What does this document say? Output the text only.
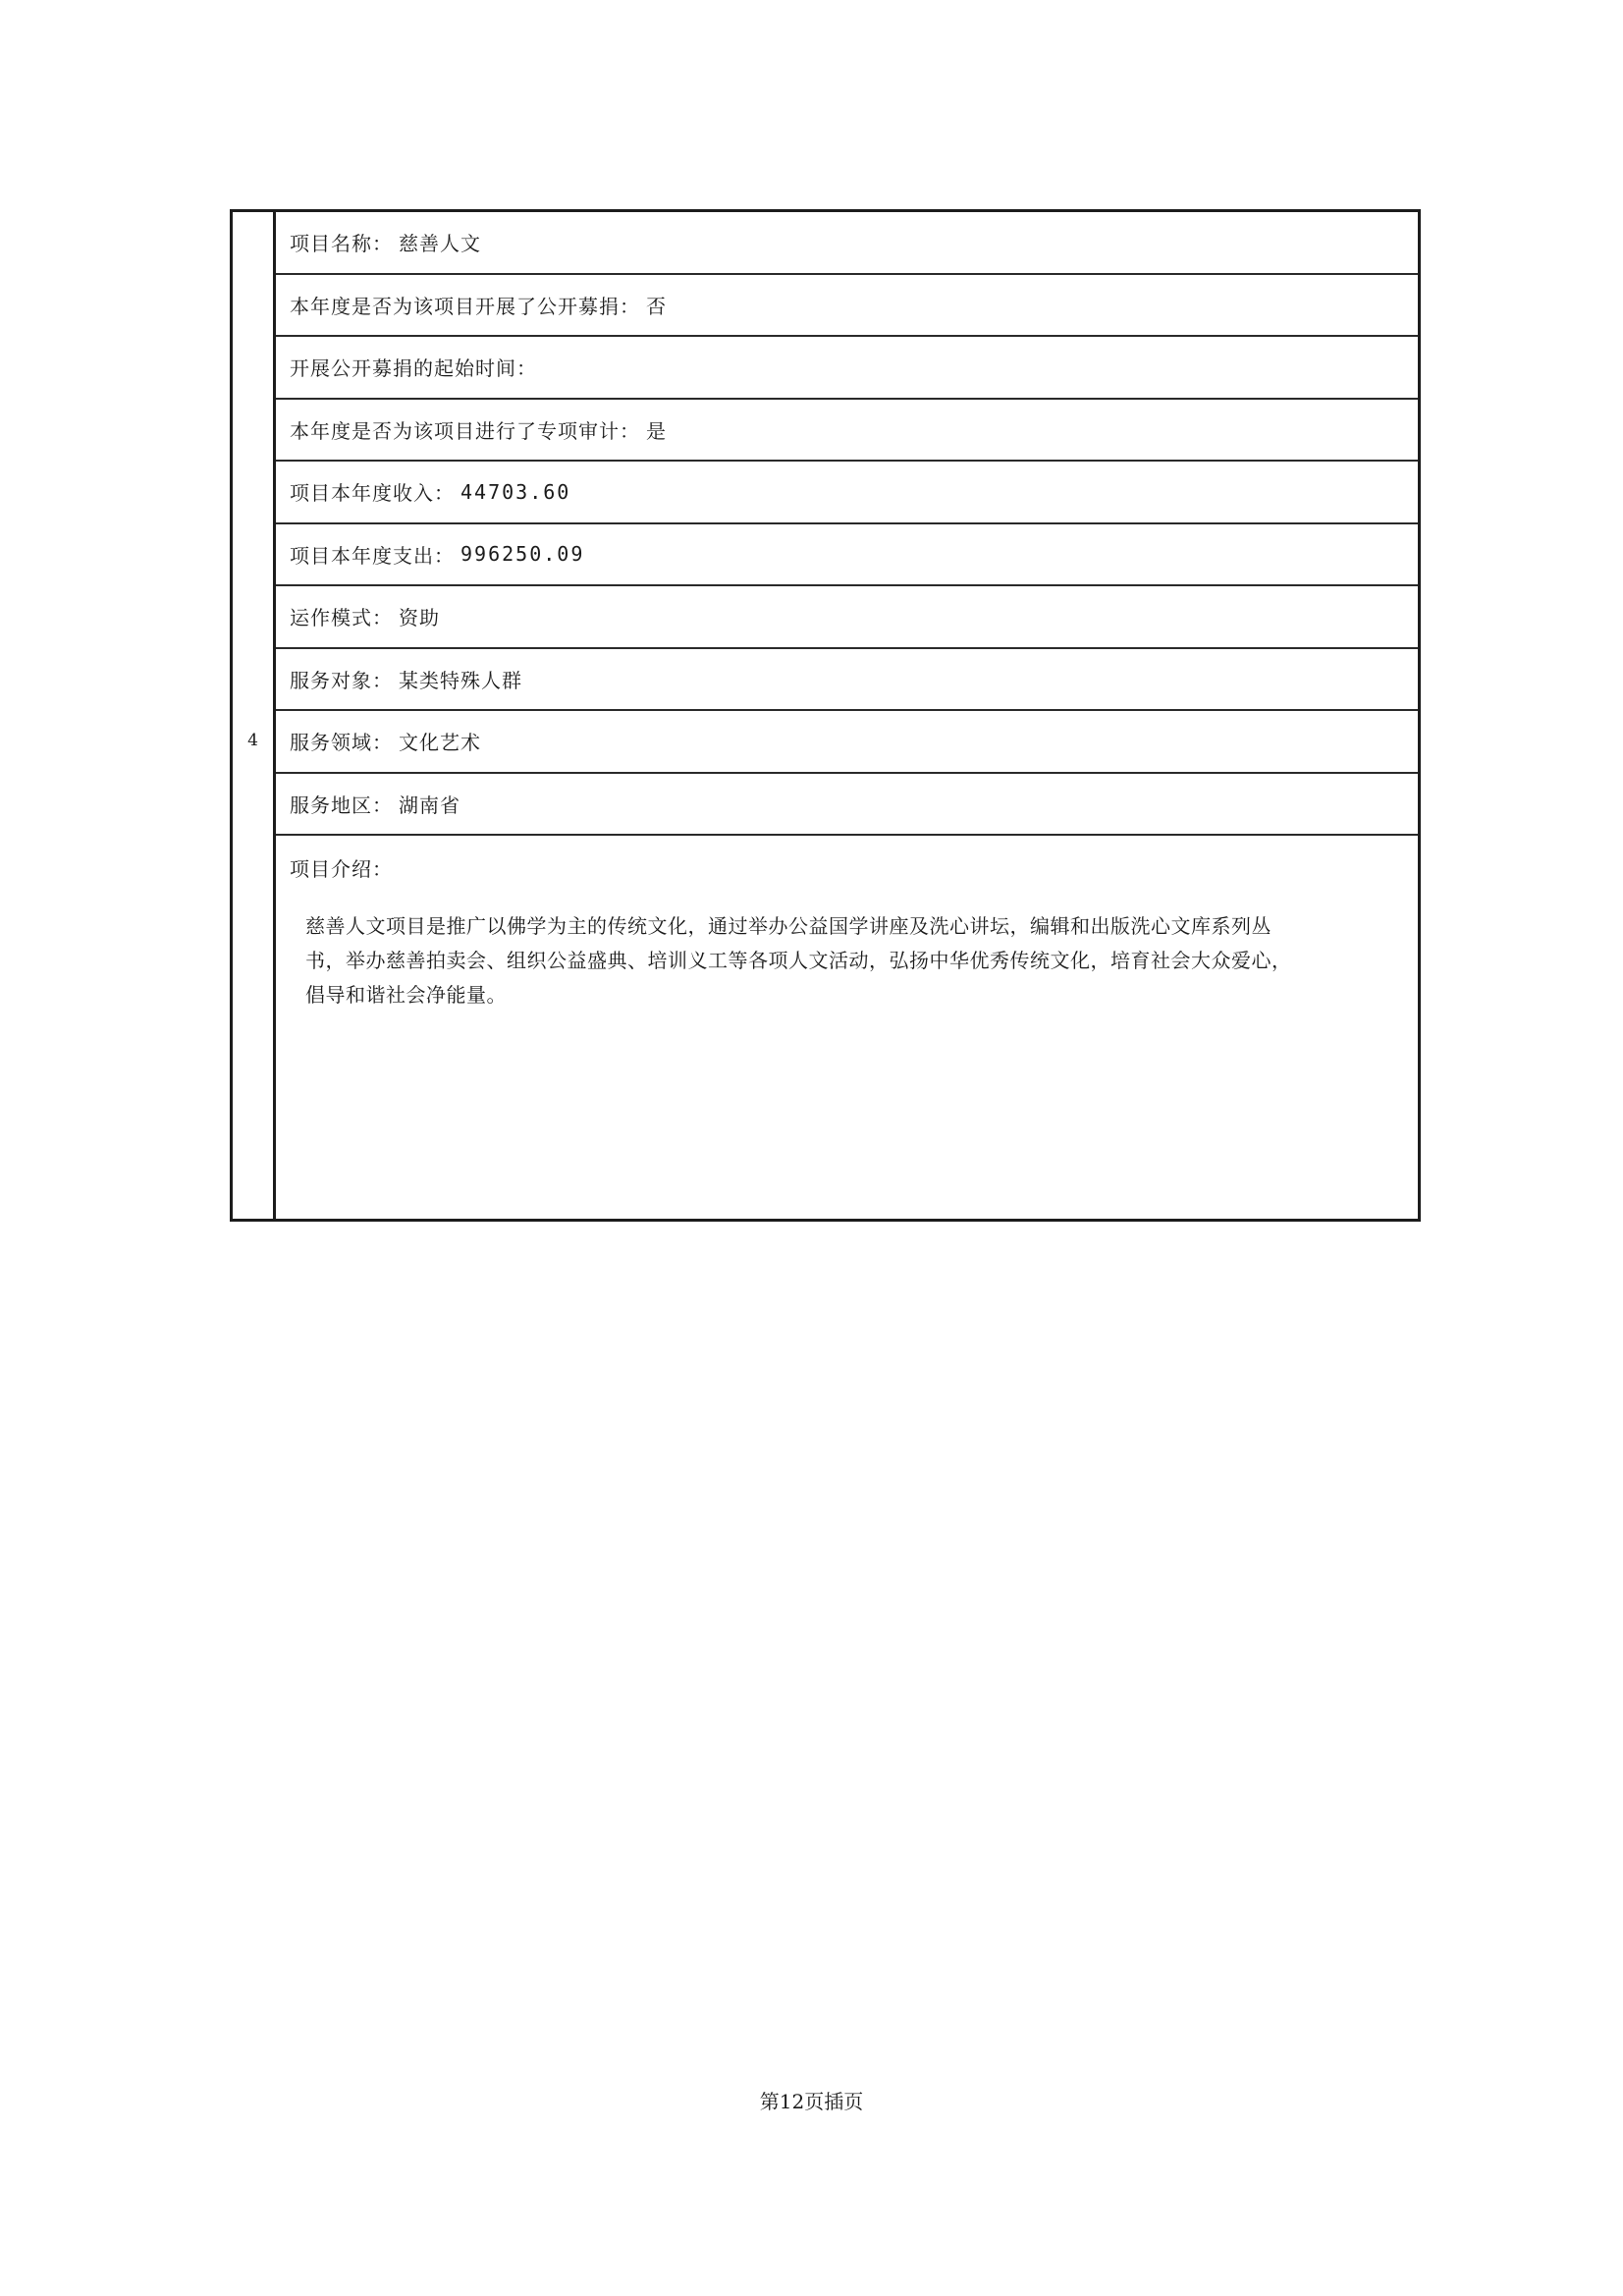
4
项目名称： 慈善人文
本年度是否为该项目开展了公开募捐： 否
开展公开募捐的起始时间：
本年度是否为该项目进行了专项审计： 是
项目本年度收入： 44703.60
项目本年度支出： 996250.09
运作模式： 资助
服务对象： 某类特殊人群
服务领域： 文化艺术
服务地区： 湖南省
项目介绍：
慈善人文项目是推广以佛学为主的传统文化，通过举办公益国学讲座及洗心讲坛，编辑和出版洗心文库系列丛
书，举办慈善拍卖会、组织公益盛典、培训义工等各项人文活动，弘扬中华优秀传统文化，培育社会大众爱心，
倡导和谐社会净能量。
第12页插页
